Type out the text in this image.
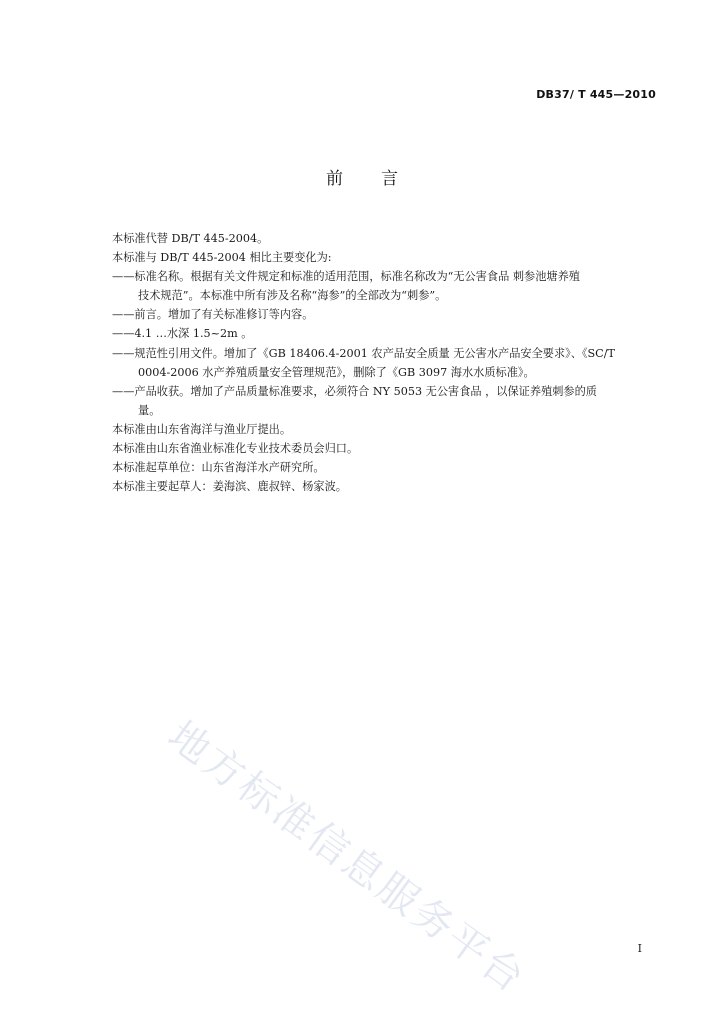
DB37/ T 445—2010
前言

本标准代替 DB/T 445-2004。

本标准与 DB/T 445-2004 相比主要变化为:

——标准名称。根据有关文件规定和标准的适用范围，标准名称改为“无公害食品 刺参池塘养殖

技术规范”。本标准中所有涉及名称“海参”的全部改为“刺参”。

——前言。增加了有关标准修订等内容。

——4.1 …水深 1.5~2m 。

——规范性引用文件。增加了《GB 18406.4-2001 农产品安全质量 无公害水产品安全要求》、《SC/T

0004-2006 水产养殖质量安全管理规范》，删除了《GB 3097 海水水质标准》。

——产品收获。增加了产品质量标准要求，必须符合 NY 5053 无公害食品 ，以保证养殖刺参的质

量。

本标准由山东省海洋与渔业厅提出。

本标准由山东省渔业标准化专业技术委员会归口。

本标准起草单位：山东省海洋水产研究所。

本标准主要起草人：姜海滨、鹿叔锌、杨家波。

地方标准信息服务平台	I
